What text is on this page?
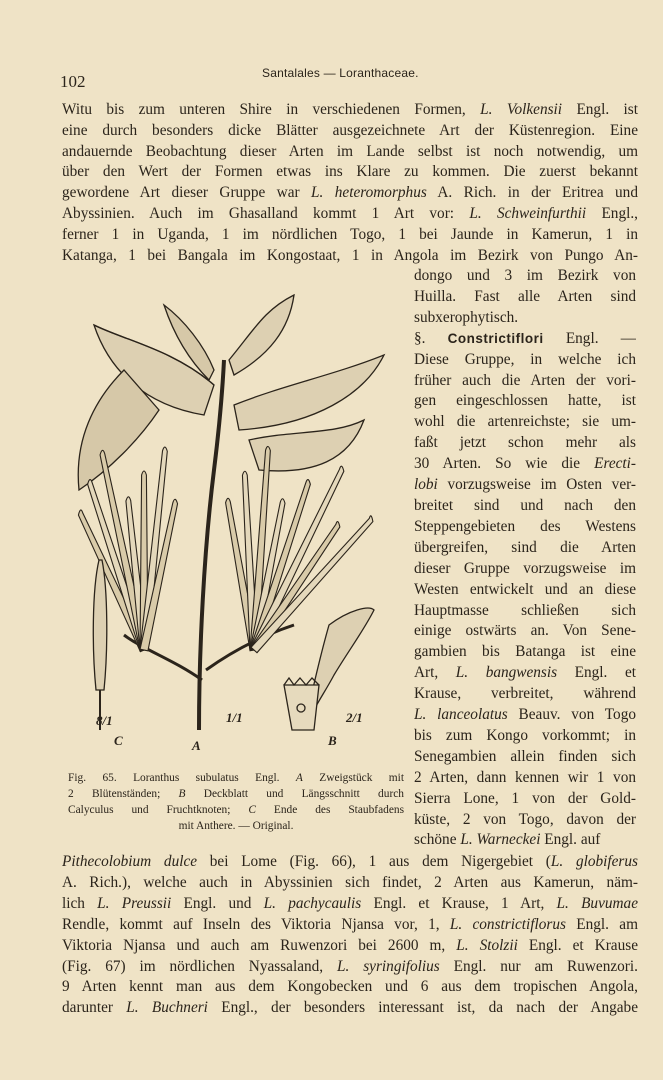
102	Santalales — Loranthaceae.
Witu bis zum unteren Shire in verschiedenen Formen, L. Volkensii Engl. ist
eine durch besonders dicke Blätter ausgezeichnete Art der Küstenregion. Eine
andauernde Beobachtung dieser Arten im Lande selbst ist noch notwendig, um
über den Wert der Formen etwas ins Klare zu kommen. Die zuerst bekannt
gewordene Art dieser Gruppe war L. heteromorphus A. Rich. in der Eritrea und
Abyssinien. Auch im Ghasalland kommt 1 Art vor: L. Schweinfurthii Engl.,
ferner 1 in Uganda, 1 im nördlichen Togo, 1 bei Jaunde in Kamerun, 1 in
Katanga, 1 bei Bangala im Kongostaat, 1 in Angola im Bezirk von Pungo An-
dongo und 3 im Bezirk von
Huilla. Fast alle Arten sind
subxerophytisch.
§. Constrictiflori Engl. —
Diese Gruppe, in welche ich
früher auch die Arten der vori-
gen eingeschlossen hatte, ist
wohl die artenreichste; sie um-
faßt jetzt schon mehr als
30 Arten. So wie die Erecti-
lobi vorzugsweise im Osten ver-
breitet sind und nach den
Steppengebieten des Westens
übergreifen, sind die Arten
dieser Gruppe vorzugsweise im
Westen entwickelt und an diese
Hauptmasse schließen sich
einige ostwärts an. Von Sene-
gambien bis Batanga ist eine
Art, L. bangwensis Engl. et
Krause, verbreitet, während
L. lanceolatus Beauv. von Togo
bis zum Kongo vorkommt; in
Senegambien allein finden sich
2 Arten, dann kennen wir 1 von
Sierra Lone, 1 von der Gold-
küste, 2 von Togo, davon der
schöne L. Warneckei Engl. auf
8/1
C
1/1
A
2/1
B
Fig. 65. Loranthus subulatus Engl. A Zweigstück mit
2 Blütenständen; B Deckblatt und Längsschnitt durch
Calyculus und Fruchtknoten; C Ende des Staubfadens
mit Anthere. — Original.
Pithecolobium dulce bei Lome (Fig. 66), 1 aus dem Nigergebiet (L. globiferus
A. Rich.), welche auch in Abyssinien sich findet, 2 Arten aus Kamerun, näm-
lich L. Preussii Engl. und L. pachycaulis Engl. et Krause, 1 Art, L. Buvumae
Rendle, kommt auf Inseln des Viktoria Njansa vor, 1, L. constrictiflorus Engl. am
Viktoria Njansa und auch am Ruwenzori bei 2600 m, L. Stolzii Engl. et Krause
(Fig. 67) im nördlichen Nyassaland, L. syringifolius Engl. nur am Ruwenzori.
9 Arten kennt man aus dem Kongobecken und 6 aus dem tropischen Angola,
darunter L. Buchneri Engl., der besonders interessant ist, da nach der Angabe
